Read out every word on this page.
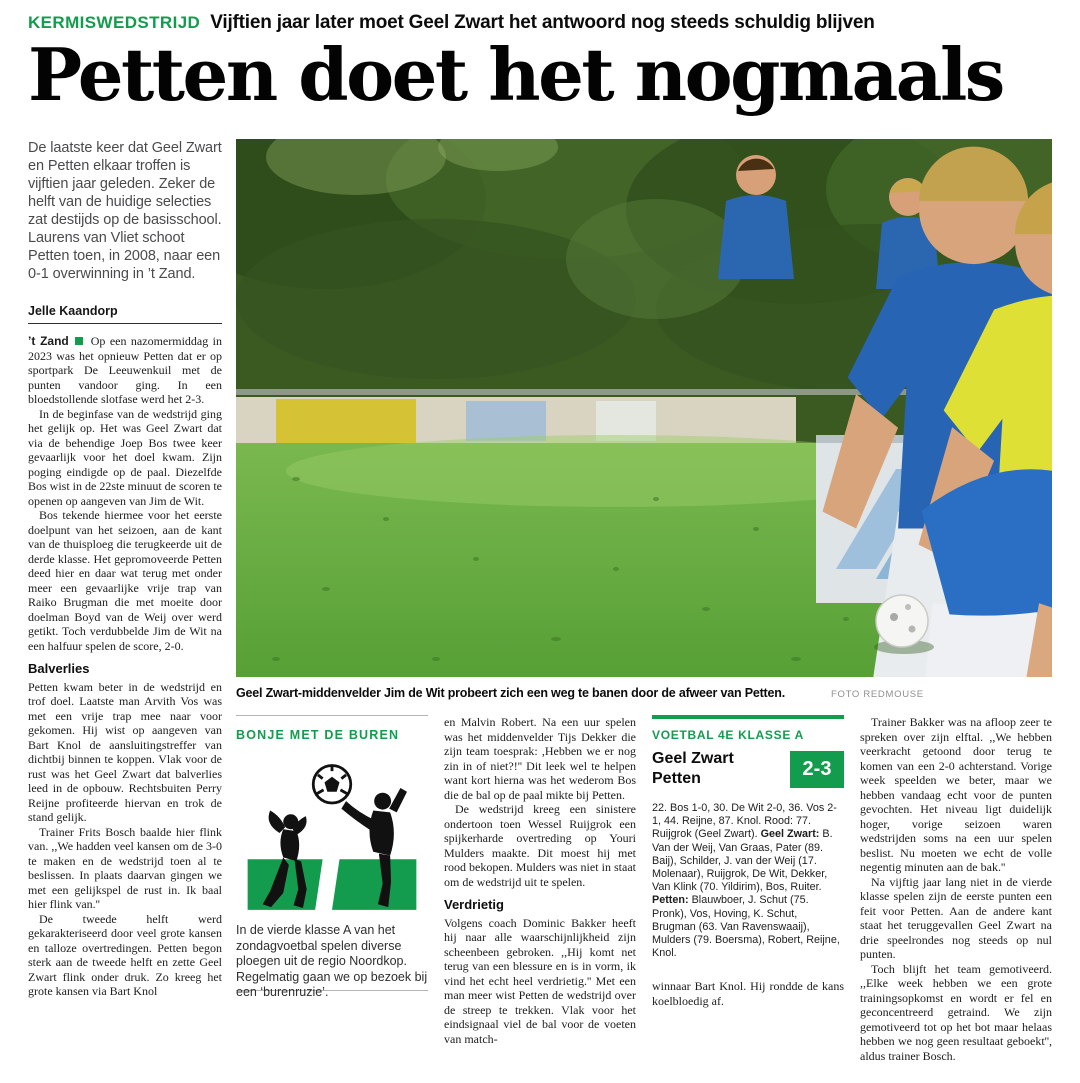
KERMISWEDSTRIJD Vijftien jaar later moet Geel Zwart het antwoord nog steeds schuldig blijven
Petten doet het nogmaals

De laatste keer dat Geel Zwart en Petten elkaar troffen is vijftien jaar geleden. Zeker de helft van de huidige selecties zat destijds op de basisschool. Laurens van Vliet schoot Petten toen, in 2008, naar een 0-1 overwinning in ’t Zand.

Jelle Kaandorp

’t Zand Op een nazomermiddag in 2023 was het opnieuw Petten dat er op sportpark De Leeuwenkuil met de punten vandoor ging. In een bloedstollende slotfase werd het 2-3.

In de beginfase van de wedstrijd ging het gelijk op. Het was Geel Zwart dat via de behendige Joep Bos twee keer gevaarlijk voor het doel kwam. Zijn poging eindigde op de paal. Diezelfde Bos wist in de 22ste minuut de scoren te openen op aangeven van Jim de Wit.

Bos tekende hiermee voor het eerste doelpunt van het seizoen, aan de kant van de thuisploeg die terugkeerde uit de derde klasse. Het gepromoveerde Petten deed hier en daar wat terug met onder meer een gevaarlijke vrije trap van Raiko Brugman die met moeite door doelman Boyd van de Weij over werd getikt. Toch verdubbelde Jim de Wit na een halfuur spelen de score, 2-0.

Balverlies

Petten kwam beter in de wedstrijd en trof doel. Laatste man Arvith Vos was met een vrije trap mee naar voor gekomen. Hij wist op aangeven van Bart Knol de aansluitingstreffer van dichtbij binnen te koppen. Vlak voor de rust was het Geel Zwart dat balverlies leed in de opbouw. Rechtsbuiten Perry Reijne profiteerde hiervan en trok de stand gelijk.

Trainer Frits Bosch baalde hier flink van. ,,We hadden veel kansen om de 3-0 te maken en de wedstrijd toen al te beslissen. In plaats daarvan gingen we met een gelijkspel de rust in. Ik baal hier flink van.''

De tweede helft werd gekarakteriseerd door veel grote kansen en talloze overtredingen. Petten begon sterk aan de tweede helft en zette Geel Zwart flink onder druk. Zo kreeg het grote kansen via Bart Knol

Geel Zwart-middenvelder Jim de Wit probeert zich een weg te banen door de afweer van Petten.	FOTO REDMOUSE
BONJE MET DE BUREN

In de vierde klasse A van het zondagvoetbal spelen diverse ploegen uit de regio Noordkop. Regelmatig gaan we op bezoek bij een ‘burenruzie’.

en Malvin Robert. Na een uur spelen was het middenvelder Tijs Dekker die zijn team toesprak: ,Hebben we er nog zin in of niet?!'' Dit leek wel te helpen want kort hierna was het wederom Bos die de bal op de paal mikte bij Petten.

De wedstrijd kreeg een sinistere ondertoon toen Wessel Ruijgrok een spijkerharde overtreding op Youri Mulders maakte. Dit moest hij met rood bekopen. Mulders was niet in staat om de wedstrijd uit te spelen.

Verdrietig

Volgens coach Dominic Bakker heeft hij naar alle waarschijnlijkheid zijn scheenbeen gebroken. ,,Hij komt net terug van een blessure en is in vorm, ik vind het echt heel verdrietig.'' Met een man meer wist Petten de wedstrijd over de streep te trekken. Vlak voor het eindsignaal viel de bal voor de voeten van match-

VOETBAL 4E KLASSE A
Geel Zwart
Petten	2-3

22. Bos 1-0, 30. De Wit 2-0, 36. Vos 2-1, 44. Reijne, 87. Knol. Rood: 77. Ruijgrok (Geel Zwart). Geel Zwart: B. Van der Weij, Van Graas, Pater (89. Baij), Schilder, J. van der Weij (17. Molenaar), Ruijgrok, De Wit, Dekker, Van Klink (70. Yildirim), Bos, Ruiter. Petten: Blauwboer, J. Schut (75. Pronk), Vos, Hoving, K. Schut, Brugman (63. Van Ravenswaaij), Mulders (79. Boersma), Robert, Reijne, Knol.

winnaar Bart Knol. Hij rondde de kans koelbloedig af.

Trainer Bakker was na afloop zeer te spreken over zijn elftal. ,,We hebben veerkracht getoond door terug te komen van een 2-0 achterstand. Vorige week speelden we beter, maar we hebben vandaag echt voor de punten gevochten. Het niveau ligt duidelijk hoger, vorige seizoen waren wedstrijden soms na een uur spelen beslist. Nu moeten we echt de volle negentig minuten aan de bak.''

Na vijftig jaar lang niet in de vierde klasse spelen zijn de eerste punten een feit voor Petten. Aan de andere kant staat het teruggevallen Geel Zwart na drie speelrondes nog steeds op nul punten.

Toch blijft het team gemotiveerd. ,,Elke week hebben we een grote trainingsopkomst en wordt er fel en geconcentreerd getraind. We zijn gemotiveerd tot op het bot maar helaas hebben we nog geen resultaat geboekt'', aldus trainer Bosch.
